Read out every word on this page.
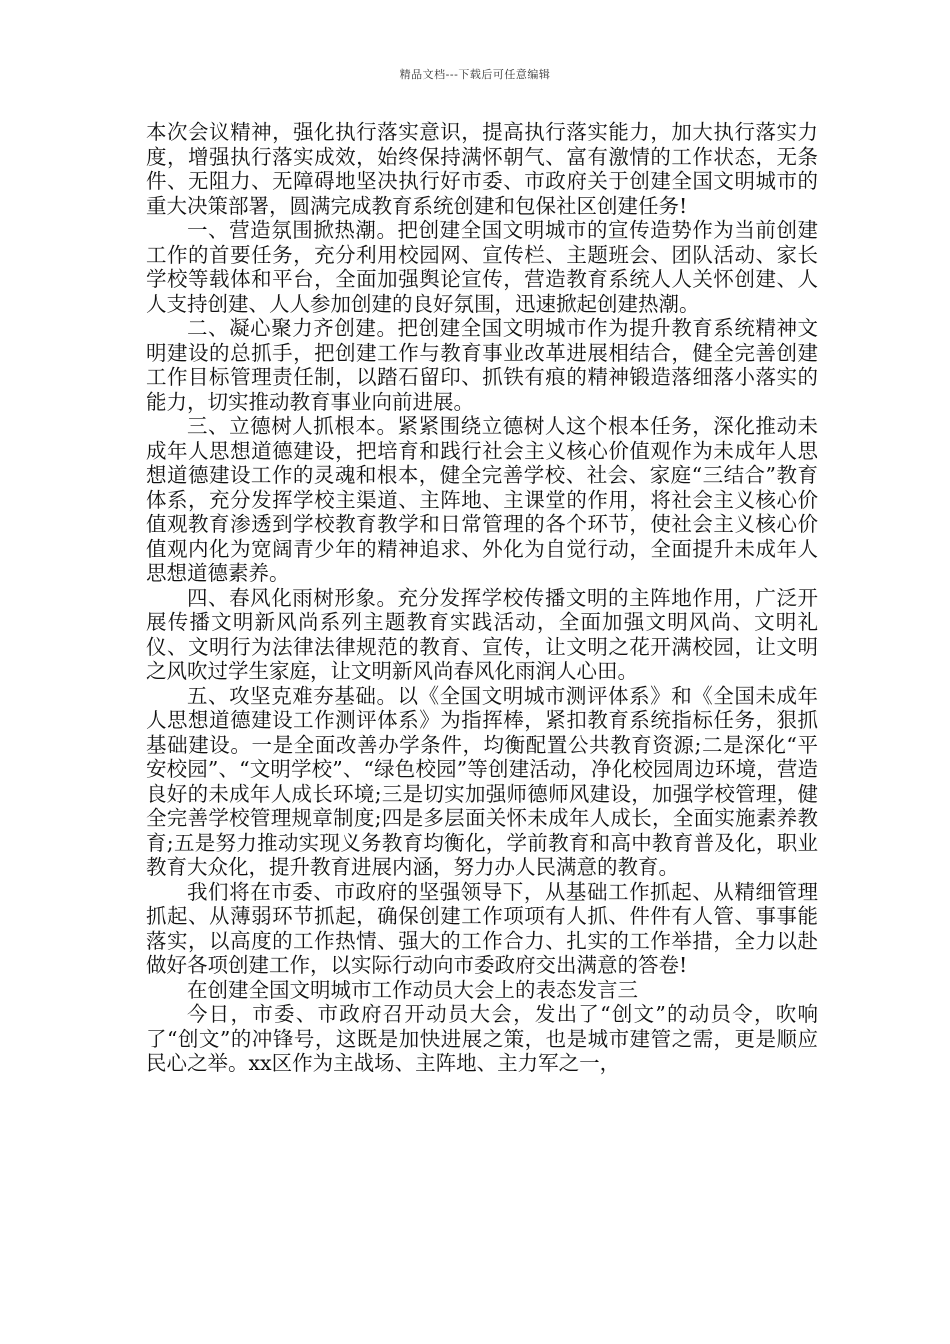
精品文档---下载后可任意编辑

本次会议精神，强化执行落实意识，提高执行落实能力，加大执行落实力度，增强执行落实成效，始终保持满怀朝气、富有激情的工作状态，无条件、无阻力、无障碍地坚决执行好市委、市政府关于创建全国文明城市的重大决策部署，圆满完成教育系统创建和包保社区创建任务!

一、营造氛围掀热潮。把创建全国文明城市的宣传造势作为当前创建工作的首要任务，充分利用校园网、宣传栏、主题班会、团队活动、家长学校等载体和平台，全面加强舆论宣传，营造教育系统人人关怀创建、人人支持创建、人人参加创建的良好氛围，迅速掀起创建热潮。

二、凝心聚力齐创建。把创建全国文明城市作为提升教育系统精神文明建设的总抓手，把创建工作与教育事业改革进展相结合，健全完善创建工作目标管理责任制，以踏石留印、抓铁有痕的精神锻造落细落小落实的能力，切实推动教育事业向前进展。

三、立德树人抓根本。紧紧围绕立德树人这个根本任务，深化推动未成年人思想道德建设，把培育和践行社会主义核心价值观作为未成年人思想道德建设工作的灵魂和根本，健全完善学校、社会、家庭“三结合”教育体系，充分发挥学校主渠道、主阵地、主课堂的作用，将社会主义核心价值观教育渗透到学校教育教学和日常管理的各个环节，使社会主义核心价值观内化为宽阔青少年的精神追求、外化为自觉行动，全面提升未成年人思想道德素养。

四、春风化雨树形象。充分发挥学校传播文明的主阵地作用，广泛开展传播文明新风尚系列主题教育实践活动，全面加强文明风尚、文明礼仪、文明行为法律法律规范的教育、宣传，让文明之花开满校园，让文明之风吹过学生家庭，让文明新风尚春风化雨润人心田。

五、攻坚克难夯基础。以《全国文明城市测评体系》和《全国未成年人思想道德建设工作测评体系》为指挥棒，紧扣教育系统指标任务，狠抓基础建设。一是全面改善办学条件，均衡配置公共教育资源;二是深化“平安校园”、“文明学校”、“绿色校园”等创建活动，净化校园周边环境，营造良好的未成年人成长环境;三是切实加强师德师风建设，加强学校管理，健全完善学校管理规章制度;四是多层面关怀未成年人成长，全面实施素养教育;五是努力推动实现义务教育均衡化，学前教育和高中教育普及化，职业教育大众化，提升教育进展内涵，努力办人民满意的教育。

我们将在市委、市政府的坚强领导下，从基础工作抓起、从精细管理抓起、从薄弱环节抓起，确保创建工作项项有人抓、件件有人管、事事能落实，以高度的工作热情、强大的工作合力、扎实的工作举措，全力以赴做好各项创建工作，以实际行动向市委政府交出满意的答卷!

在创建全国文明城市工作动员大会上的表态发言三

今日，市委、市政府召开动员大会，发出了“创文”的动员令，吹响了“创文”的冲锋号，这既是加快进展之策，也是城市建管之需，更是顺应民心之举。xx区作为主战场、主阵地、主力军之一，
